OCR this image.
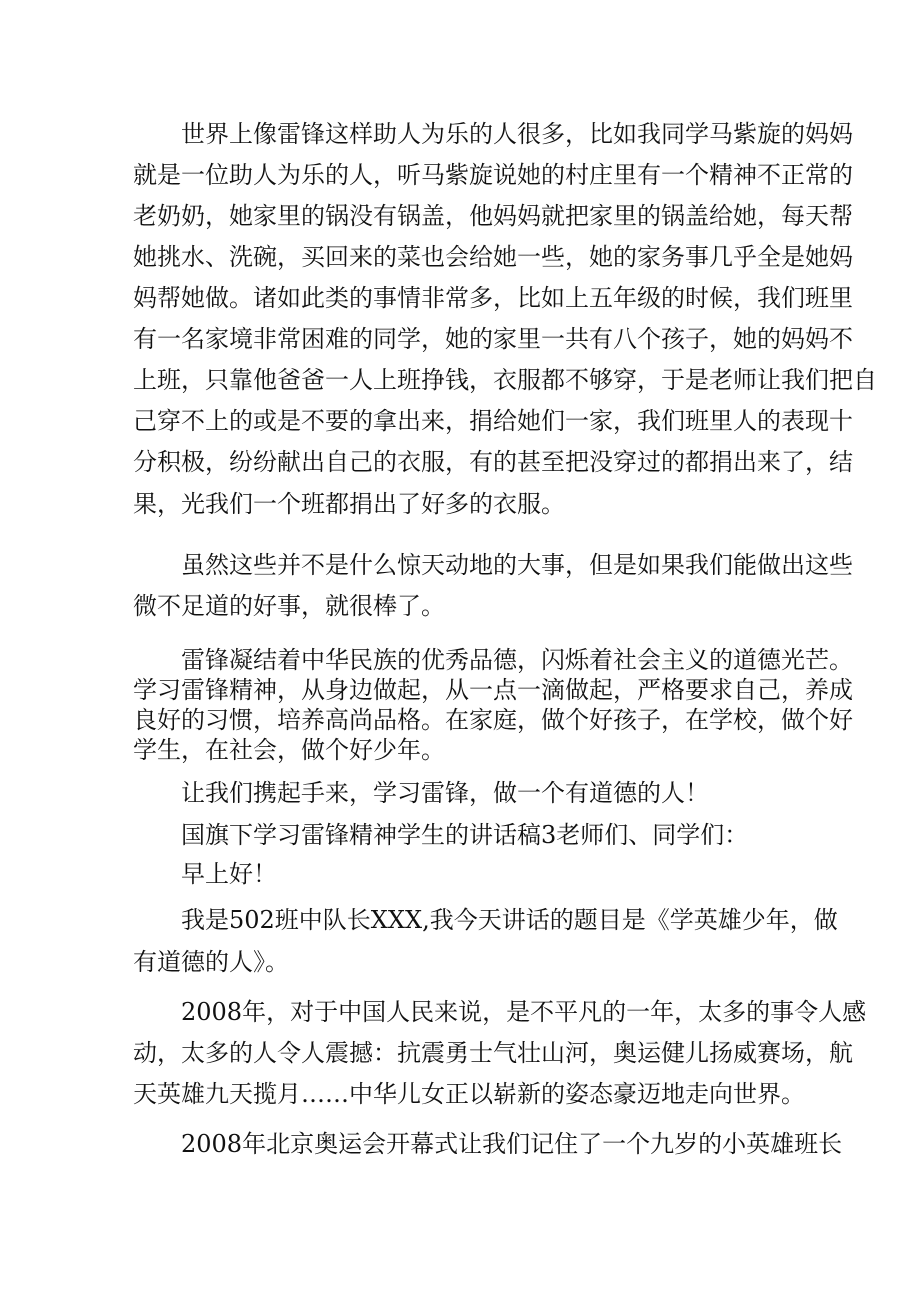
世界上像雷锋这样助人为乐的人很多，比如我同学马紫旋的妈妈
就是一位助人为乐的人，听马紫旋说她的村庄里有一个精神不正常的
老奶奶，她家里的锅没有锅盖，他妈妈就把家里的锅盖给她，每天帮
她挑水、洗碗，买回来的菜也会给她一些，她的家务事几乎全是她妈
妈帮她做。诸如此类的事情非常多，比如上五年级的时候，我们班里
有一名家境非常困难的同学，她的家里一共有八个孩子，她的妈妈不
上班，只靠他爸爸一人上班挣钱，衣服都不够穿，于是老师让我们把自
己穿不上的或是不要的拿出来，捐给她们一家，我们班里人的表现十
分积极，纷纷献出自己的衣服，有的甚至把没穿过的都捐出来了，结
果，光我们一个班都捐出了好多的衣服。
虽然这些并不是什么惊天动地的大事，但是如果我们能做出这些
微不足道的好事，就很棒了。
雷锋凝结着中华民族的优秀品德，闪烁着社会主义的道德光芒。
学习雷锋精神，从身边做起，从一点一滴做起，严格要求自己，养成
良好的习惯，培养高尚品格。在家庭，做个好孩子，在学校，做个好
学生，在社会，做个好少年。
让我们携起手来，学习雷锋，做一个有道德的人！
国旗下学习雷锋精神学生的讲话稿3老师们、同学们：
早上好！
我是502班中队长XXX,我今天讲话的题目是《学英雄少年，做
有道德的人》。
2008年，对于中国人民来说，是不平凡的一年，太多的事令人感
动，太多的人令人震撼：抗震勇士气壮山河，奥运健儿扬威赛场，航
天英雄九天揽月……中华儿女正以崭新的姿态豪迈地走向世界。
2008年北京奥运会开幕式让我们记住了一个九岁的小英雄班长
